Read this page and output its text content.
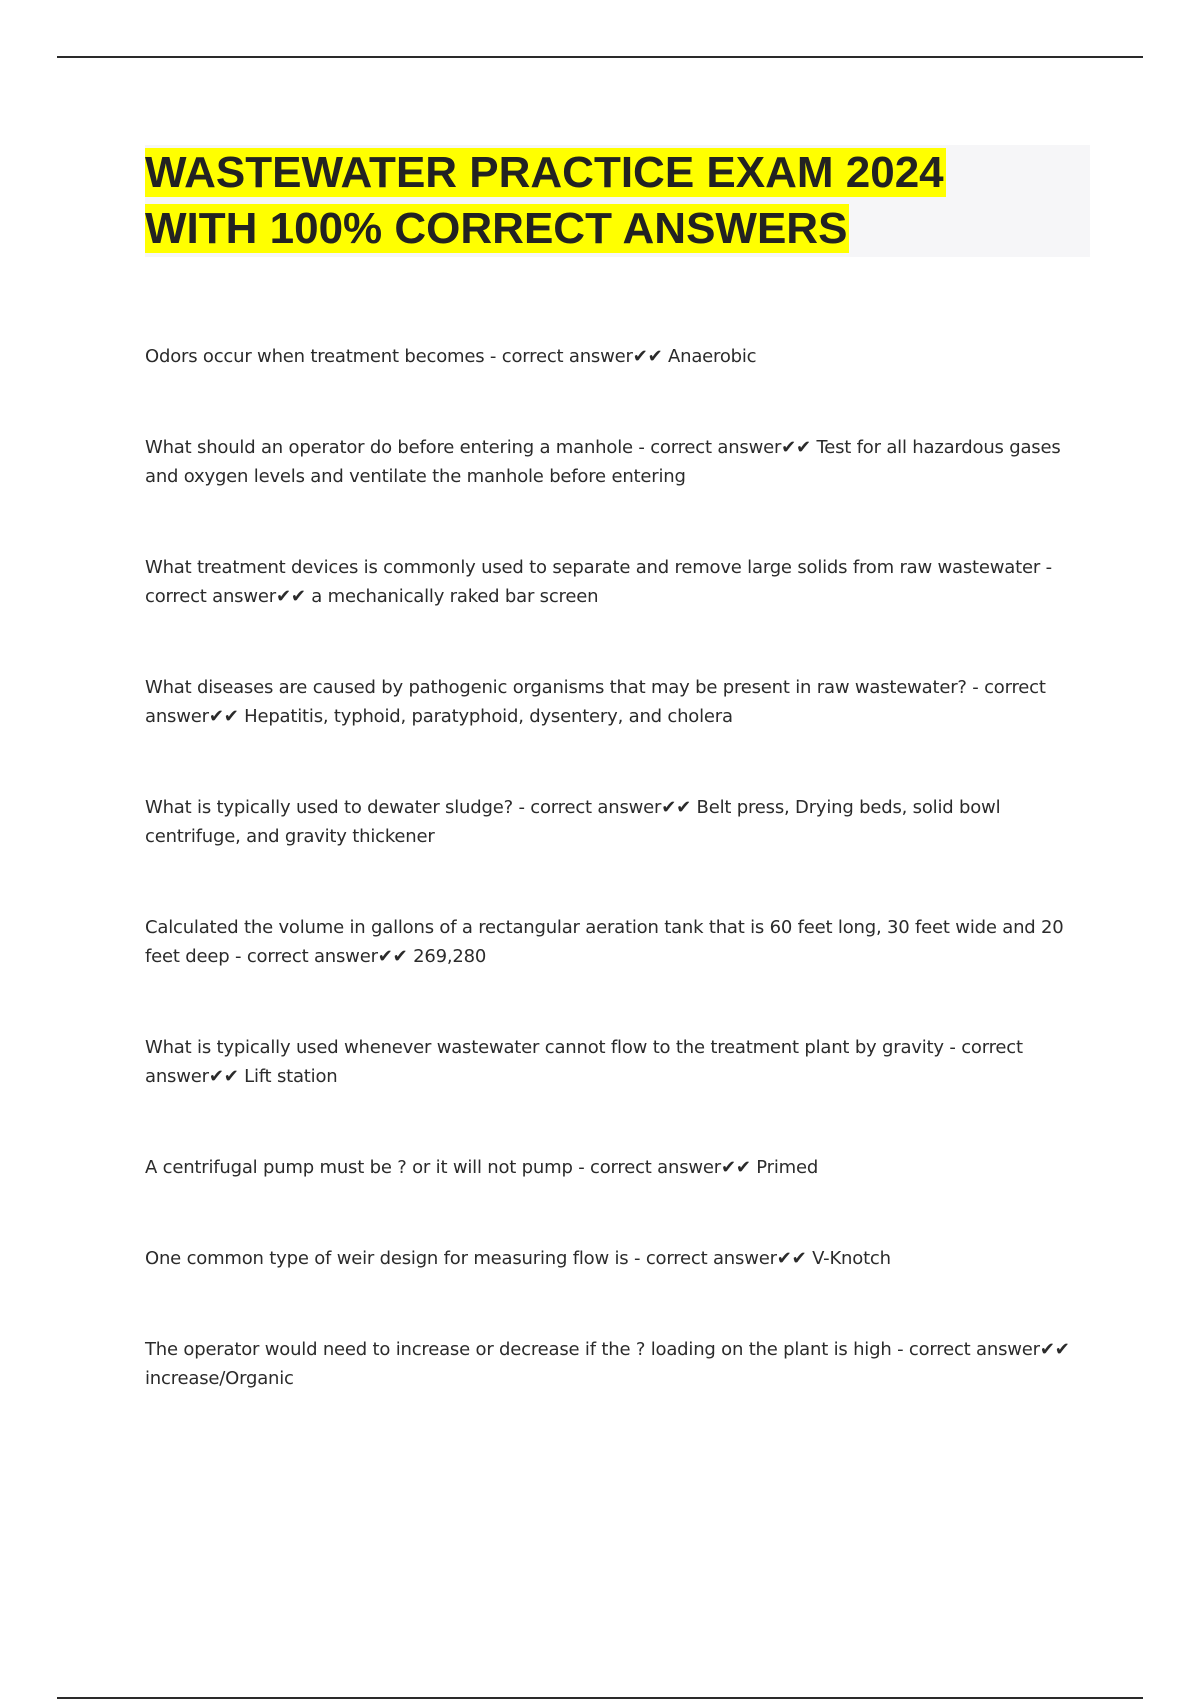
WASTEWATER PRACTICE EXAM 2024
WITH 100% CORRECT ANSWERS

Odors occur when treatment becomes - correct answer✔✔ Anaerobic

What should an operator do before entering a manhole - correct answer✔✔ Test for all hazardous gases and oxygen levels and ventilate the manhole before entering

What treatment devices is commonly used to separate and remove large solids from raw wastewater - correct answer✔✔ a mechanically raked bar screen

What diseases are caused by pathogenic organisms that may be present in raw wastewater? - correct answer✔✔ Hepatitis, typhoid, paratyphoid, dysentery, and cholera

What is typically used to dewater sludge? - correct answer✔✔ Belt press, Drying beds, solid bowl centrifuge, and gravity thickener

Calculated the volume in gallons of a rectangular aeration tank that is 60 feet long, 30 feet wide and 20 feet deep - correct answer✔✔ 269,280

What is typically used whenever wastewater cannot flow to the treatment plant by gravity - correct answer✔✔ Lift station

A centrifugal pump must be ? or it will not pump - correct answer✔✔ Primed

One common type of weir design for measuring flow is - correct answer✔✔ V-Knotch

The operator would need to increase or decrease if the ? loading on the plant is high - correct answer✔✔ increase/Organic
